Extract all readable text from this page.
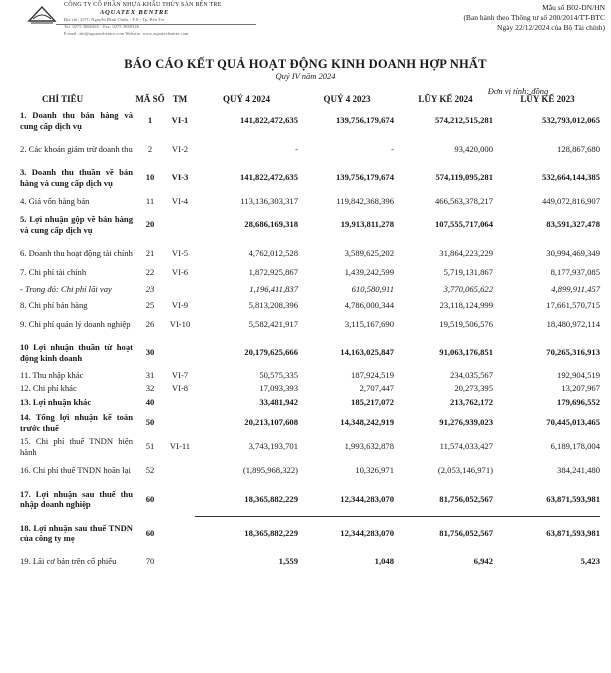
CÔNG TY CỔ PHẦN NHỰA KHẨU THỦY SẢN BẾN TRE
AQUATEX BENTRE
Địa chỉ: 457C Nguyễn Đình Chiểu - P.8 - Tp. Bến Tre
Tel: 0275 3860265 - Fax: 0275 3860346
E-mail: abt@aquatexbentre.com Website: www.aquatexbentre.com
Mẫu số B02-DN/HN
(Ban hành theo Thông tư số 200/2014/TT-BTC
Ngày 22/12/2024 của Bộ Tài chính)
BÁO CÁO KẾT QUẢ HOẠT ĐỘNG KINH DOANH HỢP NHẤT
Quý IV năm 2024
Đơn vị tính: đồng
CHỈ TIÊU	MÃ SỐ	TM	QUÝ 4 2024	QUÝ 4 2023	LŨY KẾ 2024	LŨY KẾ 2023
1. Doanh thu bán hàng và cung cấp dịch vụ	1	VI-1	141,822,472,635	139,756,179,674	574,212,515,281	532,793,012,065
2. Các khoản giảm trừ doanh thu	2	VI-2	-	-	93,420,000	128,867,680
3. Doanh thu thuần về bán hàng và cung cấp dịch vụ	10	VI-3	141,822,472,635	139,756,179,674	574,119,095,281	532,664,144,385
4. Giá vốn hàng bán	11	VI-4	113,136,303,317	119,842,368,396	466,563,378,217	449,072,816,907
5. Lợi nhuận gộp về bán hàng và cung cấp dịch vụ	20		28,686,169,318	19,913,811,278	107,555,717,064	83,591,327,478
6. Doanh thu hoạt động tài chính	21	VI-5	4,762,012,528	3,589,625,202	31,864,223,229	30,994,469,349
7. Chi phí tài chính	22	VI-6	1,872,925,867	1,439,242,599	5,719,131,867	8,177,937,085
- Trong đó: Chi phí lãi vay	23		1,196,411,837	610,580,911	3,770,065,622	4,899,911,457
8. Chi phí bán hàng	25	VI-9	5,813,208,396	4,786,000,344	23,118,124,999	17,661,570,715
9. Chi phí quản lý doanh nghiệp	26	VI-10	5,582,421,917	3,115,167,690	19,519,506,576	18,480,972,114
10 Lợi nhuận thuần từ hoạt động kinh doanh	30		20,179,625,666	14,163,025,847	91,063,176,851	70,265,316,913
11. Thu nhập khác	31	VI-7	50,575,335	187,924,519	234,035,567	192,904,519
12. Chi phí khác	32	VI-8	17,093,393	2,707,447	20,273,395	13,207,967
13. Lợi nhuận khác	40		33,481,942	185,217,072	213,762,172	179,696,552
14. Tổng lợi nhuận kế toán trước thuế	50		20,213,107,608	14,348,242,919	91,276,939,023	70,445,013,465
15. Chi phí thuế TNDN hiện hành	51	VI-11	3,743,193,701	1,993,632,878	11,574,033,427	6,189,178,004
16. Chi phí thuế TNDN hoãn lại	52		(1,895,968,322)	10,326,971	(2,053,146,971)	384,241,480
17. Lợi nhuận sau thuế thu nhập doanh nghiệp	60		18,365,882,229	12,344,283,070	81,756,052,567	63,871,593,981
18. Lợi nhuận sau thuế TNDN của công ty mẹ	60		18,365,882,229	12,344,283,070	81,756,052,567	63,871,593,981
19. Lãi cơ bản trên cổ phiếu	70		1,559	1,048	6,942	5,423
